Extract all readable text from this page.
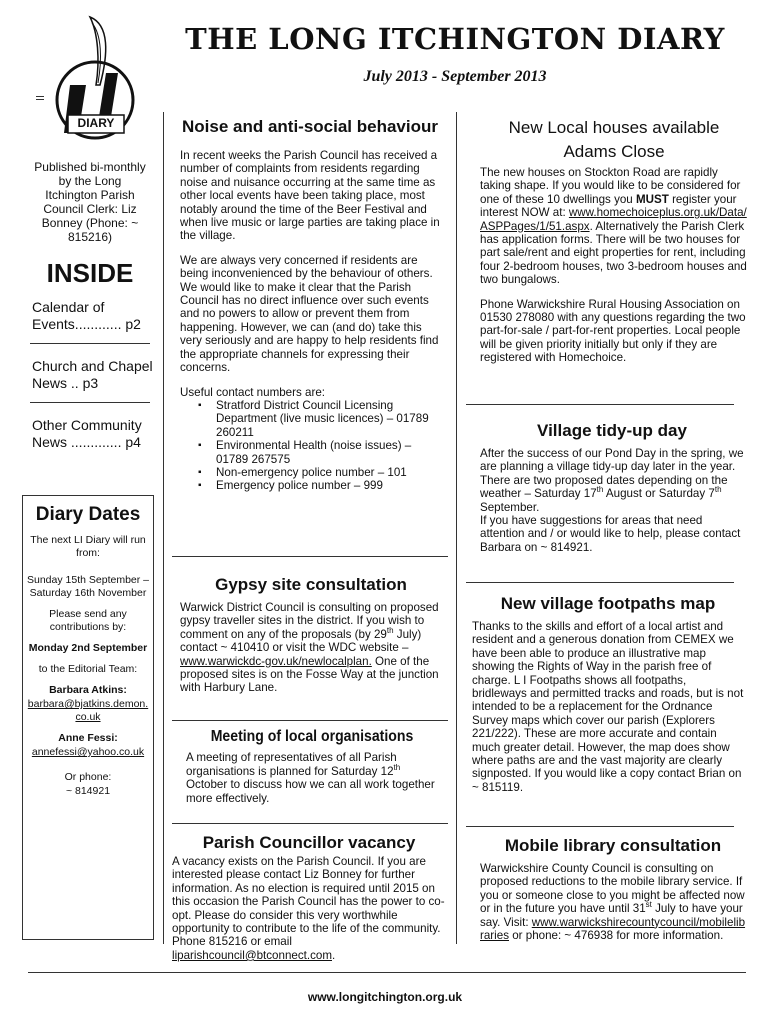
DIARY
THE LONG ITCHINGTON DIARY
July 2013 - September 2013
Published bi-monthly by the Long Itchington Parish Council Clerk: Liz Bonney (Phone: ~ 815216)
INSIDE
Calendar of Events............ p2
Church and Chapel News .. p3
Other Community News ............. p4
Diary Dates
The next LI Diary will run from:
Sunday 15th September – Saturday 16th November
Please send any contributions by:
Monday 2nd September
to the Editorial Team:
Barbara Atkins:
barbara@bjatkins.demon.co.uk
Anne Fessi:
annefessi@yahoo.co.uk
Or phone:
~ 814921
Noise and anti-social behaviour

In recent weeks the Parish Council has received a number of complaints from residents regarding noise and nuisance occurring at the same time as other local events have been taking place, most notably around the time of the Beer Festival and when live music or large parties are taking place in the village.

We are always very concerned if residents are being inconvenienced by the behaviour of others. We would like to make it clear that the Parish Council has no direct influence over such events and no powers to allow or prevent them from happening. However, we can (and do) take this very seriously and are happy to help residents find the appropriate channels for expressing their concerns.

Useful contact numbers are:
▪ Stratford District Council Licensing Department (live music licences) – 01789 260211
▪ Environmental Health (noise issues) – 01789 267575
▪ Non-emergency police number – 101
▪ Emergency police number – 999
Gypsy site consultation
Warwick District Council is consulting on proposed gypsy traveller sites in the district. If you wish to comment on any of the proposals (by 29th July) contact ~ 410410 or visit the WDC website – www.warwickdc-gov.uk/newlocalplan. One of the proposed sites is on the Fosse Way at the junction with Harbury Lane.
Meeting of local organisations
A meeting of representatives of all Parish organisations is planned for Saturday 12th October to discuss how we can all work together more effectively.
Parish Councillor vacancy
A vacancy exists on the Parish Council. If you are interested please contact Liz Bonney for further information. As no election is required until 2015 on this occasion the Parish Council has the power to co-opt. Please do consider this very worthwhile opportunity to contribute to the life of the community. Phone 815216 or email liparishcouncil@btconnect.com.
New Local houses available
Adams Close

The new houses on Stockton Road are rapidly taking shape. If you would like to be considered for one of these 10 dwellings you MUST register your interest NOW at: www.homechoiceplus.org.uk/Data/ASPPages/1/51.aspx. Alternatively the Parish Clerk has application forms. There will be two houses for part sale/rent and eight properties for rent, including four 2-bedroom houses, two 3-bedroom houses and two bungalows.

Phone Warwickshire Rural Housing Association on 01530 278080 with any questions regarding the two part-for-sale / part-for-rent properties. Local people will be given priority initially but only if they are registered with Homechoice.

Village tidy-up day
After the success of our Pond Day in the spring, we are planning a village tidy-up day later in the year. There are two proposed dates depending on the weather – Saturday 17th August or Saturday 7th September.
If you have suggestions for areas that need attention and / or would like to help, please contact Barbara on ~ 814921.
New village footpaths map
Thanks to the skills and effort of a local artist and resident and a generous donation from CEMEX we have been able to produce an illustrative map showing the Rights of Way in the parish free of charge. L I Footpaths shows all footpaths, bridleways and permitted tracks and roads, but is not intended to be a replacement for the Ordnance Survey maps which cover our parish (Explorers 221/222). These are more accurate and contain much greater detail. However, the map does show where paths are and the vast majority are clearly signposted. If you would like a copy contact Brian on ~ 815119.
Mobile library consultation
Warwickshire County Council is consulting on proposed reductions to the mobile library service. If you or someone close to you might be affected now or in the future you have until 31st July to have your say. Visit: www.warwickshirecountycouncil/mobilelibraries or phone: ~ 476938 for more information.
www.longitchington.org.uk
